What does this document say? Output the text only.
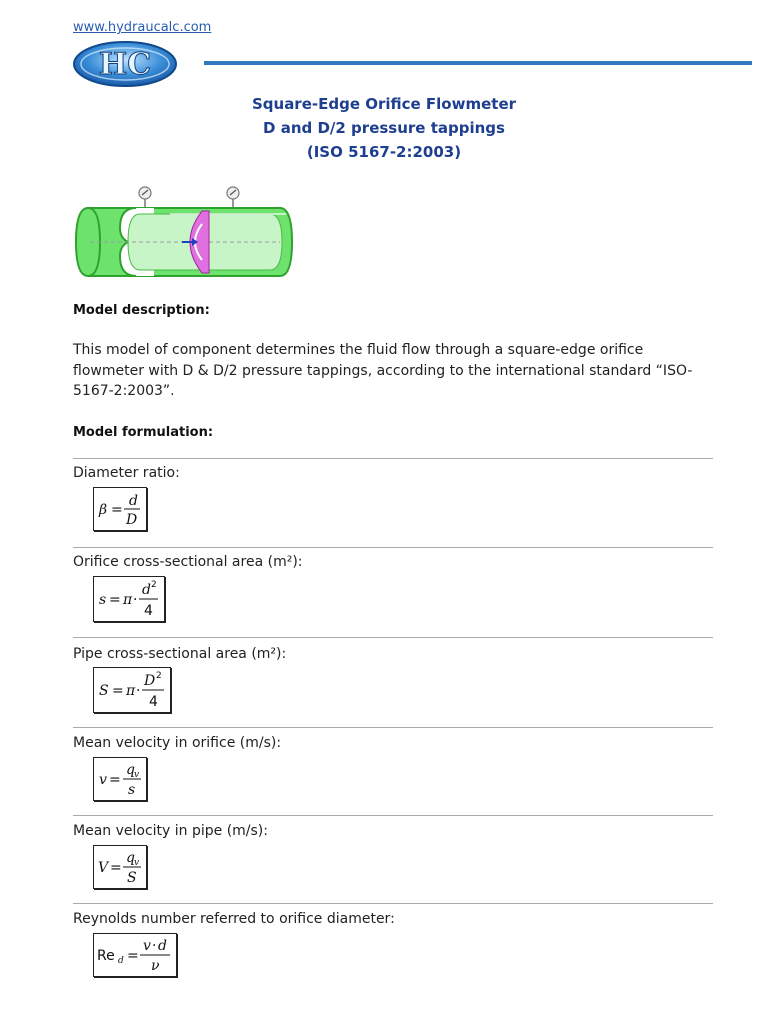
www.hydraucalc.com
HC
Square-Edge Orifice Flowmeter
D and D/2 pressure tappings
(ISO 5167-2:2003)
Model description:
This model of component determines the fluid flow through a square-edge orifice flowmeter with D & D/2 pressure tappings, according to the international standard “ISO-5167-2:2003”.
Model formulation:
Diameter ratio:
β =
d
D
Orifice cross-sectional area (m²):
s = π ·
d 2
4
Pipe cross-sectional area (m²):
S = π ·
D 2
4
Mean velocity in orifice (m/s):
v =
q v
s
Mean velocity in pipe (m/s):
V =
q v
S
Reynolds number referred to orifice diameter:
Re d =
v · d
ν
